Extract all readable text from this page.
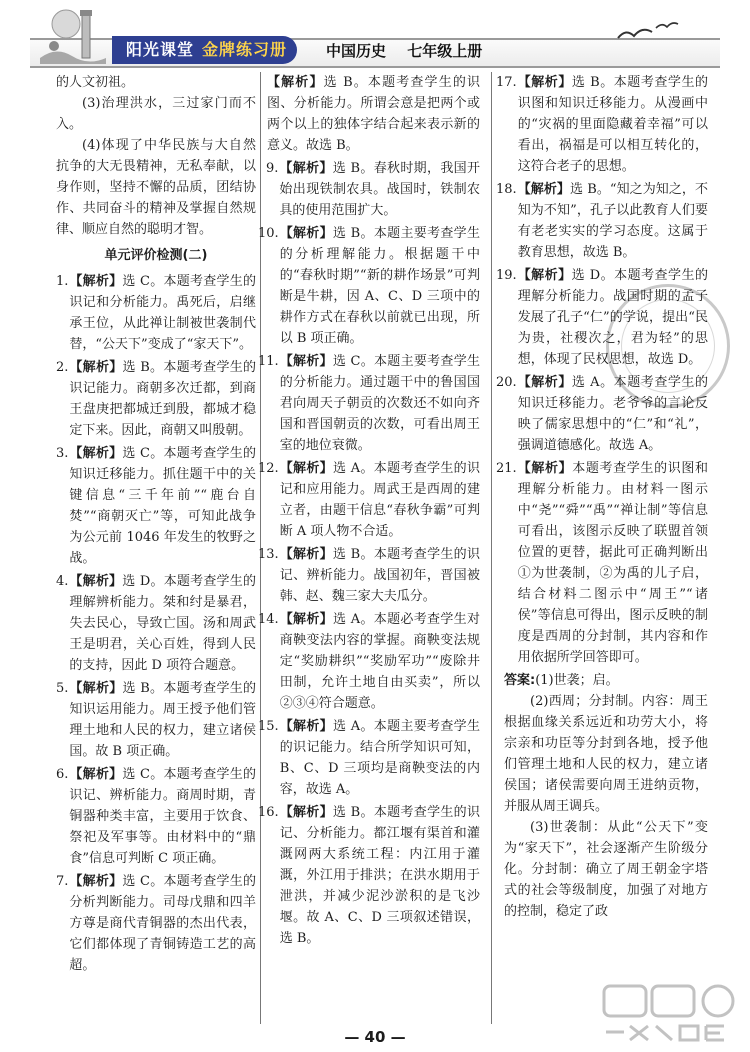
阳光课堂 金牌练习册	中国历史 七年级上册

的人文初祖。

(3)治理洪水，三过家门而不入。

(4)体现了中华民族与大自然抗争的大无畏精神，无私奉献，以身作则，坚持不懈的品质，团结协作、共同奋斗的精神及掌握自然规律、顺应自然的聪明才智。

单元评价检测(二)
1. 【解析】选 C。本题考查学生的识记和分析能力。禹死后，启继承王位，从此禅让制被世袭制代替，“公天下”变成了“家天下”。
2. 【解析】选 B。本题考查学生的识记能力。商朝多次迁都，到商王盘庚把都城迁到殷，都城才稳定下来。因此，商朝又叫殷朝。
3. 【解析】选 C。本题考查学生的知识迁移能力。抓住题干中的关键信息“三千年前”“鹿台自焚”“商朝灭亡”等，可知此战争为公元前 1046 年发生的牧野之战。
4. 【解析】选 D。本题考查学生的理解辨析能力。桀和纣是暴君，失去民心，导致亡国。汤和周武王是明君，关心百姓，得到人民的支持，因此 D 项符合题意。
5. 【解析】选 B。本题考查学生的知识运用能力。周王授予他们管理土地和人民的权力，建立诸侯国。故 B 项正确。
6. 【解析】选 C。本题考查学生的识记、辨析能力。商周时期，青铜器种类丰富，主要用于饮食、祭祀及军事等。由材料中的“鼎食”信息可判断 C 项正确。
7. 【解析】选 C。本题考查学生的分析判断能力。司母戊鼎和四羊方尊是商代青铜器的杰出代表，它们都体现了青铜铸造工艺的高超。
【解析】选 B。本题考查学生的识图、分析能力。所谓会意是把两个或两个以上的独体字结合起来表示新的意义。故选 B。
9. 【解析】选 B。春秋时期，我国开始出现铁制农具。战国时，铁制农具的使用范围扩大。
10. 【解析】选 B。本题主要考查学生的分析理解能力。根据题干中的“春秋时期”“新的耕作场景”可判断是牛耕，因 A、C、D 三项中的耕作方式在春秋以前就已出现，所以 B 项正确。
11. 【解析】选 C。本题主要考查学生的分析能力。通过题干中的鲁国国君向周天子朝贡的次数还不如向齐国和晋国朝贡的次数，可看出周王室的地位衰微。
12. 【解析】选 A。本题考查学生的识记和应用能力。周武王是西周的建立者，由题干信息“春秋争霸”可判断 A 项人物不合适。
13. 【解析】选 B。本题考查学生的识记、辨析能力。战国初年，晋国被韩、赵、魏三家大夫瓜分。
14. 【解析】选 A。本题必考查学生对商鞅变法内容的掌握。商鞅变法规定“奖励耕织”“奖励军功”“废除井田制，允许土地自由买卖”，所以②③④符合题意。
15. 【解析】选 A。本题主要考查学生的识记能力。结合所学知识可知，B、C、D 三项均是商鞅变法的内容，故选 A。
16. 【解析】选 B。本题考查学生的识记、分析能力。都江堰有渠首和灌溉网两大系统工程：内江用于灌溉，外江用于排洪；在洪水期用于泄洪，并减少泥沙淤积的是飞沙堰。故 A、C、D 三项叙述错误，选 B。
17. 【解析】选 B。本题考查学生的识图和知识迁移能力。从漫画中的“灾祸的里面隐藏着幸福”可以看出，祸福是可以相互转化的，这符合老子的思想。
18. 【解析】选 B。“知之为知之，不知为不知”，孔子以此教育人们要有老老实实的学习态度。这属于教育思想，故选 B。
19. 【解析】选 D。本题考查学生的理解分析能力。战国时期的孟子发展了孔子“仁”的学说，提出“民为贵，社稷次之，君为轻”的思想，体现了民权思想，故选 D。
20. 【解析】选 A。本题考查学生的知识迁移能力。老爷爷的言论反映了儒家思想中的“仁”和“礼”，强调道德感化。故选 A。
21. 【解析】本题考查学生的识图和理解分析能力。由材料一图示中“尧”“舜”“禹”“禅让制”等信息可看出，该图示反映了联盟首领位置的更替，据此可正确判断出①为世袭制，②为禹的儿子启，结合材料二图示中“周王”“诸侯”等信息可得出，图示反映的制度是西周的分封制，其内容和作用依据所学回答即可。

答案:(1)世袭；启。

(2)西周；分封制。内容：周王根据血缘关系远近和功劳大小，将宗亲和功臣等分封到各地，授予他们管理土地和人民的权力，建立诸侯国；诸侯需要向周王进纳贡物，并服从周王调兵。

(3)世袭制：从此“公天下”变为“家天下”，社会逐渐产生阶级分化。分封制：确立了周王朝金字塔式的社会等级制度，加强了对地方的控制，稳定了政

— 40 —
